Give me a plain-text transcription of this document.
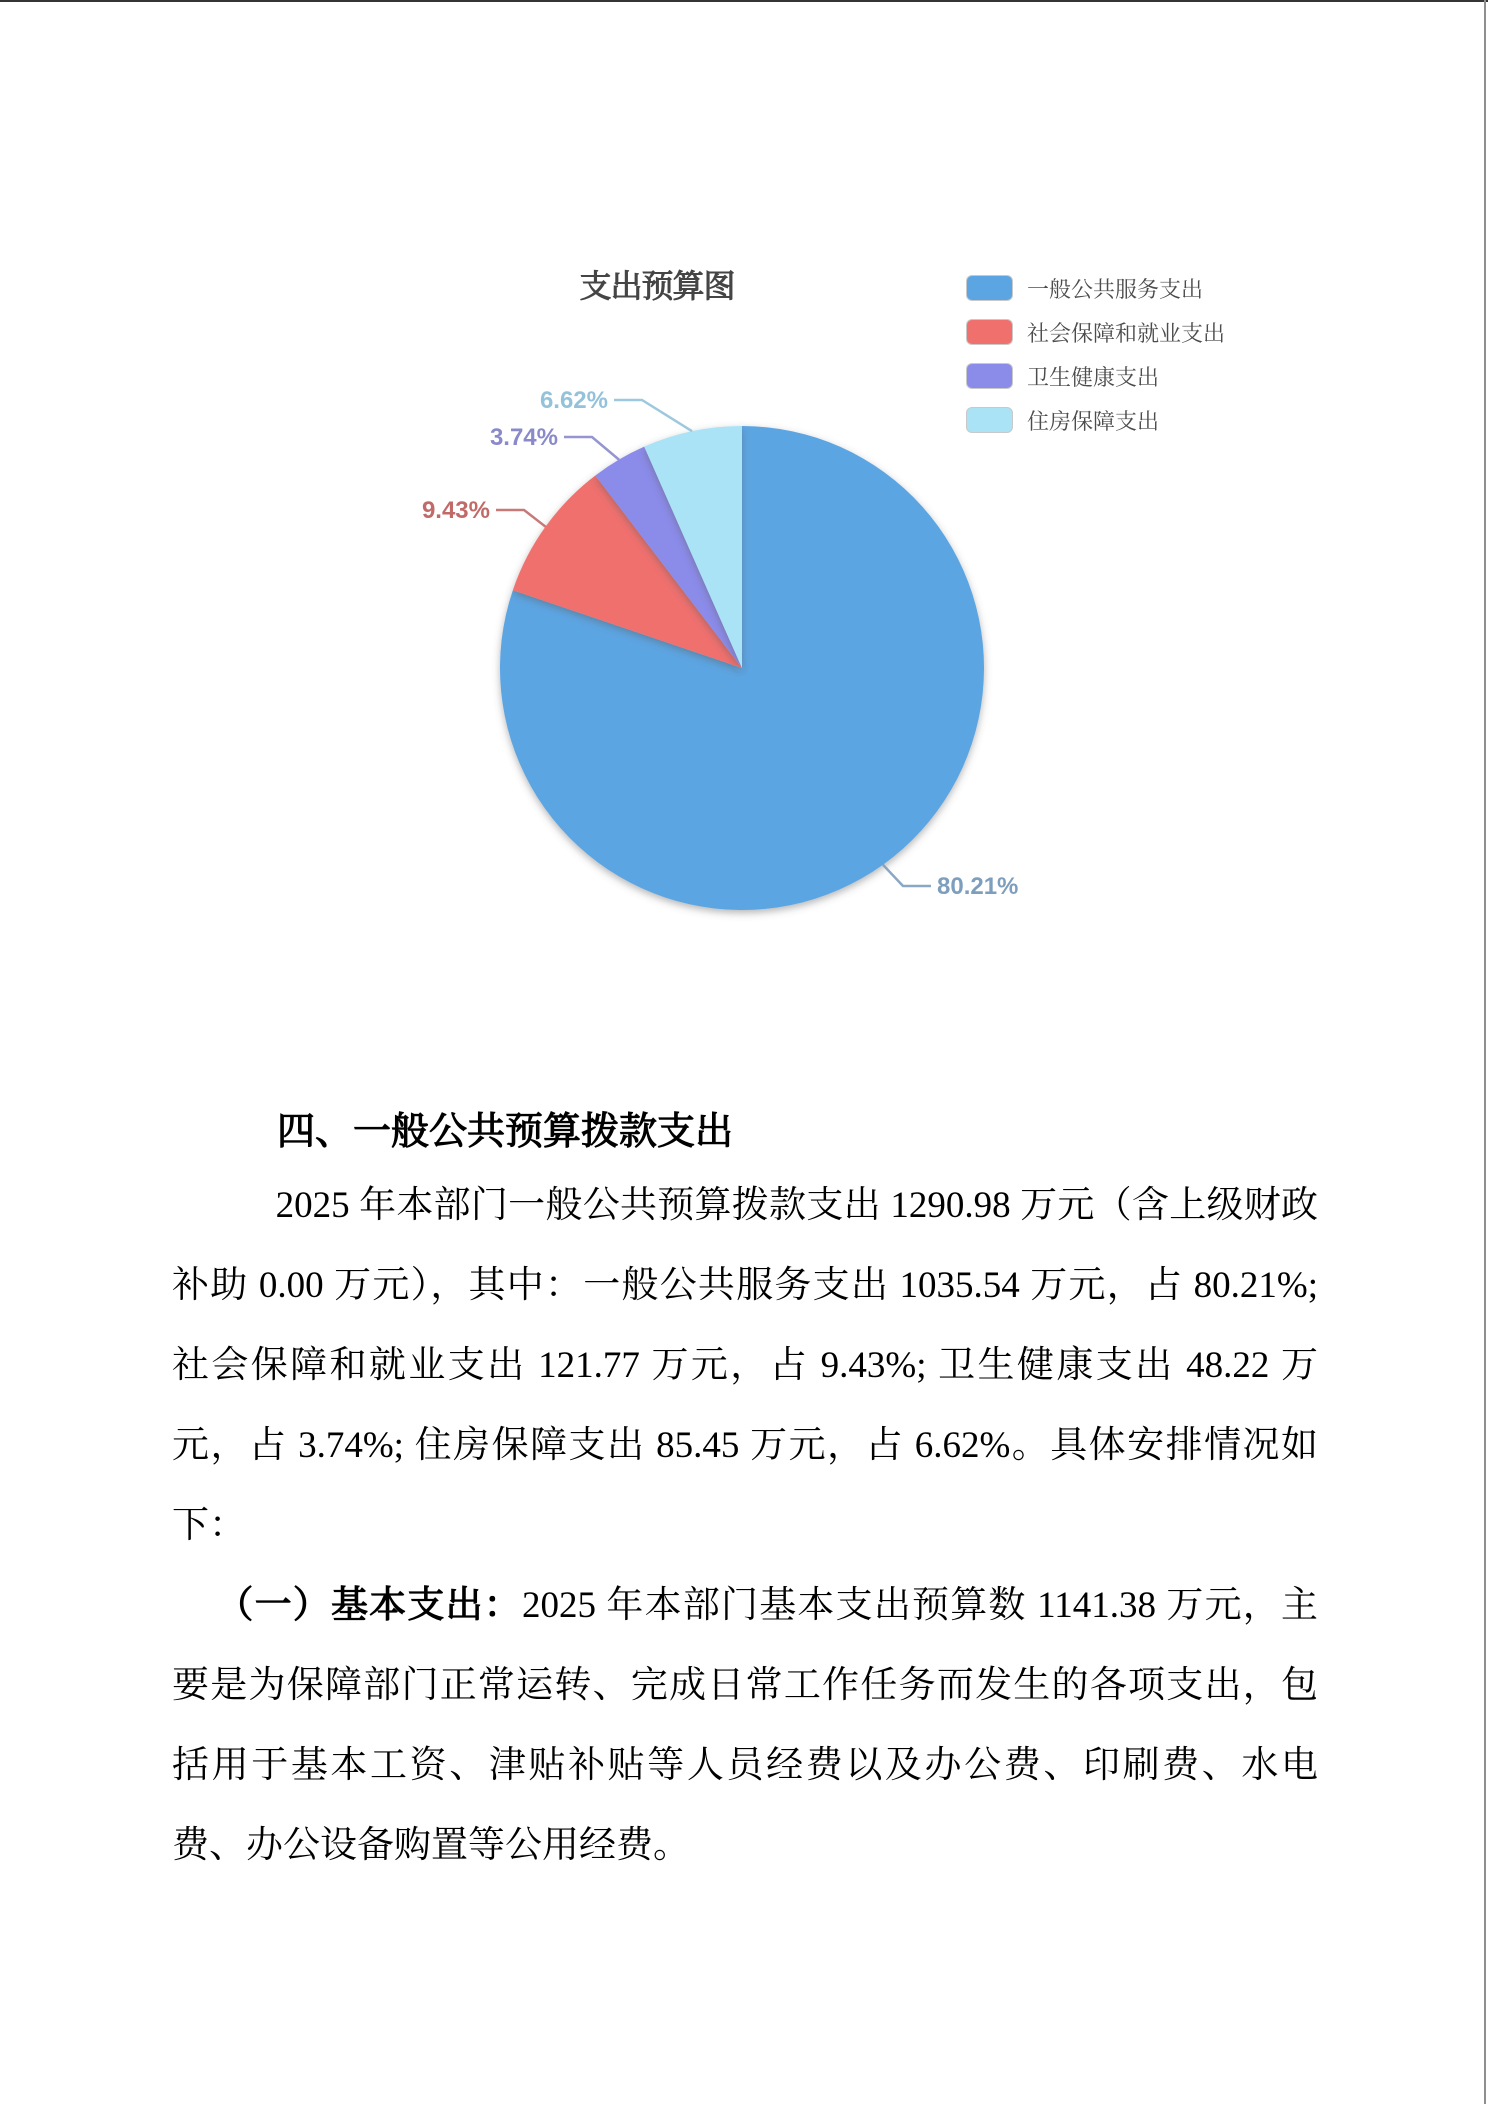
支出预算图
80.21%
9.43%
3.74%
6.62%
一般公共服务支出
社会保障和就业支出
卫生健康支出
住房保障支出
四、一般公共预算拨款支出

2025 年本部门一般公共预算拨款支出 1290.98 万元（含上级财政补助 0.00 万元），其中：一般公共服务支出 1035.54 万元，占 80.21%; 社会保障和就业支出 121.77 万元，占 9.43%; 卫生健康支出 48.22 万元，占 3.74%; 住房保障支出 85.45 万元，占 6.62%。具体安排情况如下：

（一）基本支出：2025 年本部门基本支出预算数 1141.38 万元，主要是为保障部门正常运转、完成日常工作任务而发生的各项支出，包括用于基本工资、津贴补贴等人员经费以及办公费、印刷费、水电费、办公设备购置等公用经费。
